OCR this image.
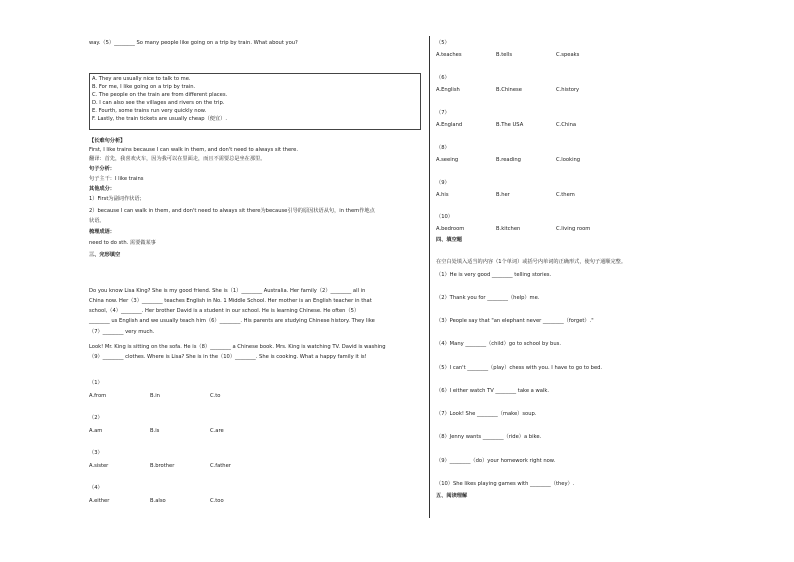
way.（5）________ So many people like going on a trip by train. What about you?
A. They are usually nice to talk to me.
B. For me, I like going on a trip by train.
C. The people on the train are from different places.
D. I can also see the villages and rivers on the trip.
E. Fourth, some trains run very quickly now.
F. Lastly, the train tickets are usually cheap（便宜）.
【长难句分析】
First, I like trains because I can walk in them, and don't need to always sit there.
翻译：首先，我喜欢火车，因为我可以在里面走，而且不需要总是坐在那里。
句子分析：
句子主干：I like trains
其他成分：
1）First为副词作状语；
2）because I can walk in them, and don't need to always sit there为because引导的原因状语从句，in them作地点
状语。
梳理成语：
need to do sth. 需要做某事
三、完形填空
Do you know Lisa King? She is my good friend. She is（1）________ Australia. Her family（2）________ all in
China now. Her（3）________ teaches English in No. 1 Middle School. Her mother is an English teacher in that
school,（4）________. Her brother David is a student in our school. He is learning Chinese. He often（5）
________ us English and we usually teach him（6）________. His parents are studying Chinese history. They like
（7）________ very much.
Look! Mr. King is sitting on the sofa. He is（8）________ a Chinese book. Mrs. King is watching TV. David is washing
（9）________ clothes. Where is Lisa? She is in the（10）________. She is cooking. What a happy family it is!
（1）
A.from	B.in	C.to
（2）
A.am	B.is	C.are
（3）
A.sister	B.brother	C.father
（4）
A.either	B.also	C.too
（5）
A.teaches	B.tells	C.speaks
（6）
A.English	B.Chinese	C.history
（7）
A.England	B.The USA	C.China
（8）
A.seeing	B.reading	C.looking
（9）
A.his	B.her	C.them
（10）
A.bedroom	B.kitchen	C.living room
四、填空题
在空白处填入适当的内容（1个单词）或括号内单词的正确形式，使句子通顺完整。
（1）He is very good ________ telling stories.
（2）Thank you for ________（help）me.
（3）People say that "an elephant never ________（forget）."
（4）Many ________（child）go to school by bus.
（5）I can't ________（play）chess with you. I have to go to bed.
（6）I either watch TV ________ take a walk.
（7）Look! She ________（make）soup.
（8）Jenny wants ________（ride）a bike.
（9）________（do）your homework right now.
（10）She likes playing games with ________（they）.
五、阅读理解
